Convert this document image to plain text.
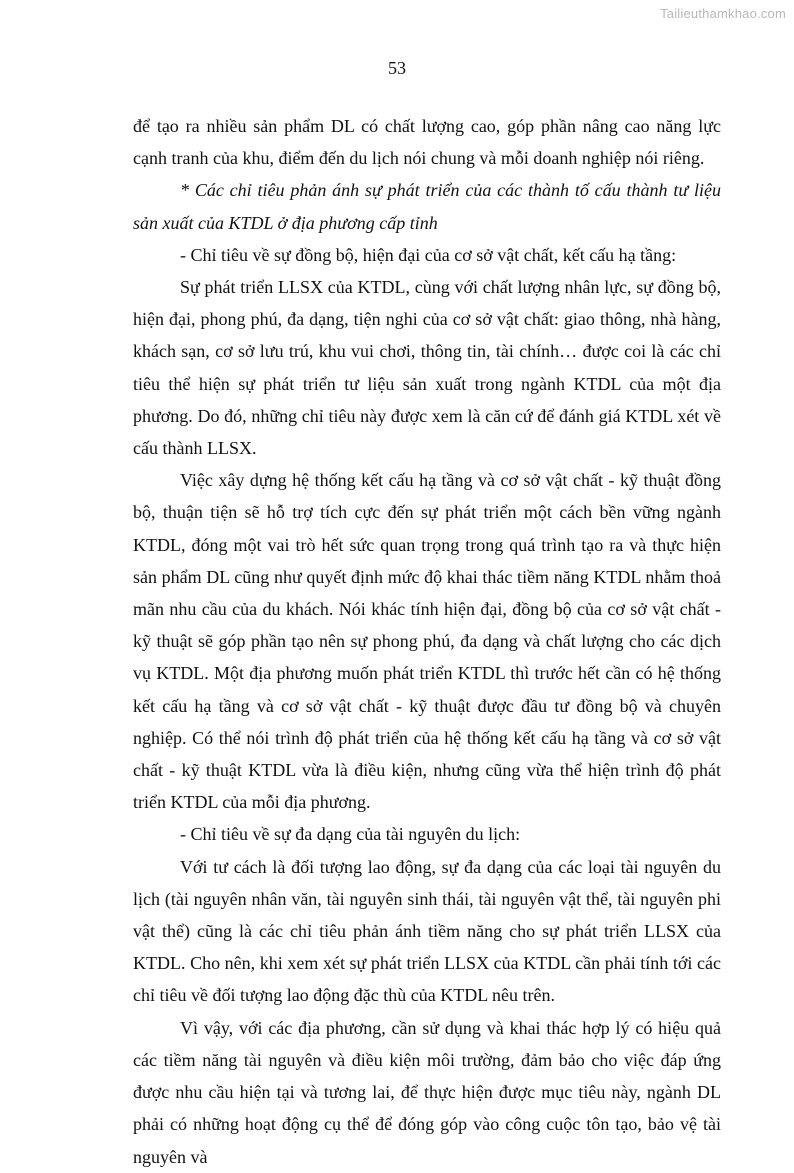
Tailieuthamkhao.com
53

để tạo ra nhiều sản phẩm DL có chất lượng cao, góp phần nâng cao năng lực cạnh tranh của khu, điểm đến du lịch nói chung và mỗi doanh nghiệp nói riêng.

* Các chỉ tiêu phản ánh sự phát triển của các thành tố cấu thành tư liệu sản xuất của KTDL ở địa phương cấp tỉnh

- Chỉ tiêu về sự đồng bộ, hiện đại của cơ sở vật chất, kết cấu hạ tầng:

Sự phát triển LLSX của KTDL, cùng với chất lượng nhân lực, sự đồng bộ, hiện đại, phong phú, đa dạng, tiện nghi của cơ sở vật chất: giao thông, nhà hàng, khách sạn, cơ sở lưu trú, khu vui chơi, thông tin, tài chính… được coi là các chỉ tiêu thể hiện sự phát triển tư liệu sản xuất trong ngành KTDL của một địa phương. Do đó, những chỉ tiêu này được xem là căn cứ để đánh giá KTDL xét về cấu thành LLSX.

Việc xây dựng hệ thống kết cấu hạ tầng và cơ sở vật chất - kỹ thuật đồng bộ, thuận tiện sẽ hỗ trợ tích cực đến sự phát triển một cách bền vững ngành KTDL, đóng một vai trò hết sức quan trọng trong quá trình tạo ra và thực hiện sản phẩm DL cũng như quyết định mức độ khai thác tiềm năng KTDL nhằm thoả mãn nhu cầu của du khách. Nói khác tính hiện đại, đồng bộ của cơ sở vật chất - kỹ thuật sẽ góp phần tạo nên sự phong phú, đa dạng và chất lượng cho các dịch vụ KTDL. Một địa phương muốn phát triển KTDL thì trước hết cần có hệ thống kết cấu hạ tầng và cơ sở vật chất - kỹ thuật được đầu tư đồng bộ và chuyên nghiệp. Có thể nói trình độ phát triển của hệ thống kết cấu hạ tầng và cơ sở vật chất - kỹ thuật KTDL vừa là điều kiện, nhưng cũng vừa thể hiện trình độ phát triển KTDL của mỗi địa phương.

- Chỉ tiêu về sự đa dạng của tài nguyên du lịch:

Với tư cách là đối tượng lao động, sự đa dạng của các loại tài nguyên du lịch (tài nguyên nhân văn, tài nguyên sinh thái, tài nguyên vật thể, tài nguyên phi vật thể) cũng là các chỉ tiêu phản ánh tiềm năng cho sự phát triển LLSX của KTDL. Cho nên, khi xem xét sự phát triển LLSX của KTDL cần phải tính tới các chỉ tiêu về đối tượng lao động đặc thù của KTDL nêu trên.

Vì vậy, với các địa phương, cần sử dụng và khai thác hợp lý có hiệu quả các tiềm năng tài nguyên và điều kiện môi trường, đảm bảo cho việc đáp ứng được nhu cầu hiện tại và tương lai, để thực hiện được mục tiêu này, ngành DL phải có những hoạt động cụ thể để đóng góp vào công cuộc tôn tạo, bảo vệ tài nguyên và
